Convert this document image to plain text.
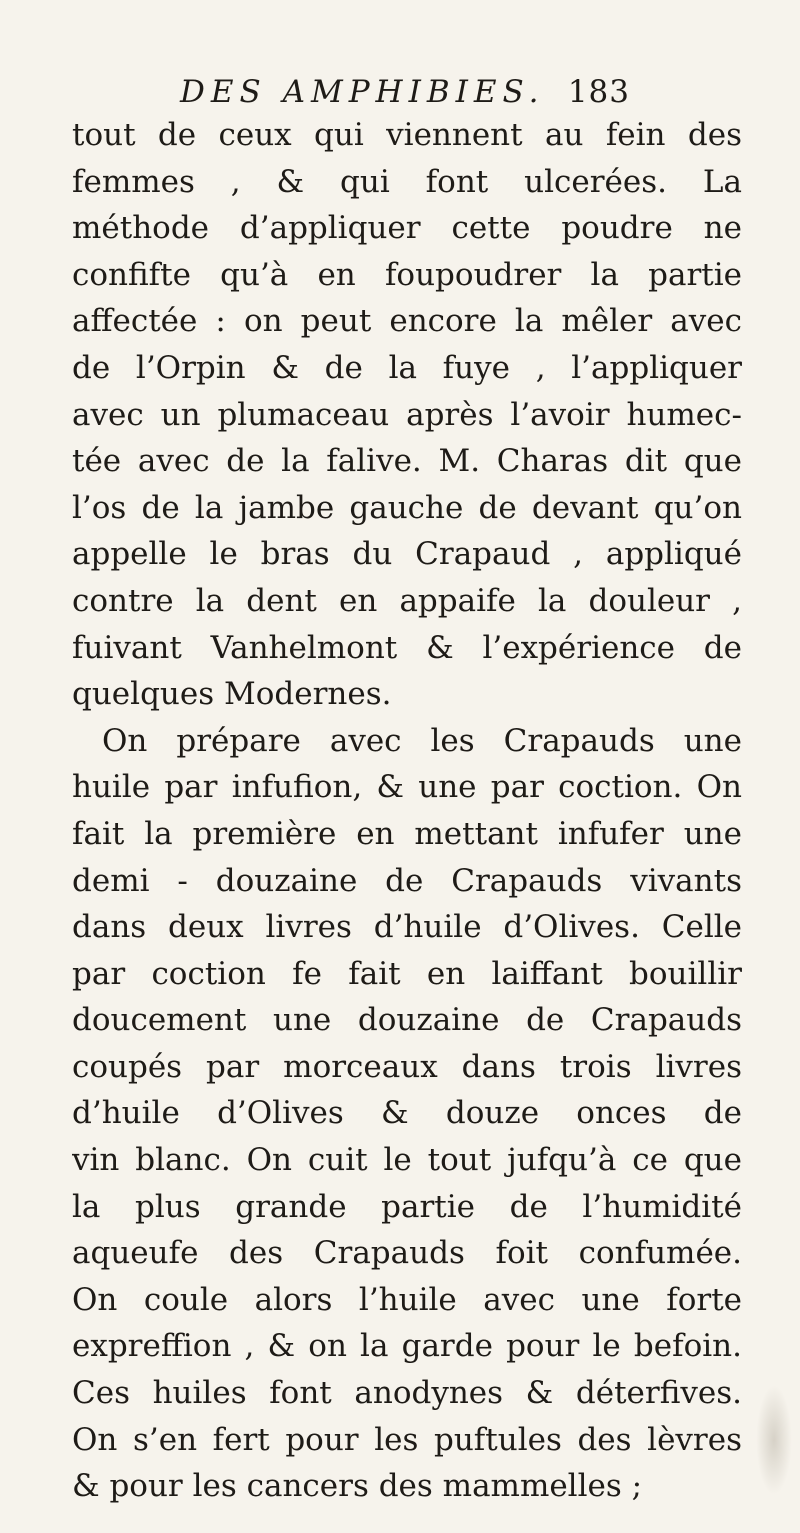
DES AMPHIBIES. 183
tout de ceux qui viennent au fein des
femmes , & qui font ulcerées. La
méthode d’appliquer cette poudre ne
confifte qu’à en foupoudrer la partie
affectée : on peut encore la mêler avec
de l’Orpin & de la fuye , l’appliquer
avec un plumaceau après l’avoir humec-
tée avec de la falive. M. Charas dit que
l’os de la jambe gauche de devant qu’on
appelle le bras du Crapaud , appliqué
contre la dent en appaife la douleur ,
fuivant Vanhelmont & l’expérience de
quelques Modernes.
On prépare avec les Crapauds une
huile par infufion, & une par coction. On
fait la première en mettant infufer une
demi - douzaine de Crapauds vivants
dans deux livres d’huile d’Olives. Celle
par coction fe fait en laiffant bouillir
doucement une douzaine de Crapauds
coupés par morceaux dans trois livres
d’huile d’Olives & douze onces de
vin blanc. On cuit le tout jufqu’à ce que
la plus grande partie de l’humidité
aqueufe des Crapauds foit confumée.
On coule alors l’huile avec une forte
expreffion , & on la garde pour le befoin.
Ces huiles font anodynes & déterfives.
On s’en fert pour les puftules des lèvres
& pour les cancers des mammelles ;
